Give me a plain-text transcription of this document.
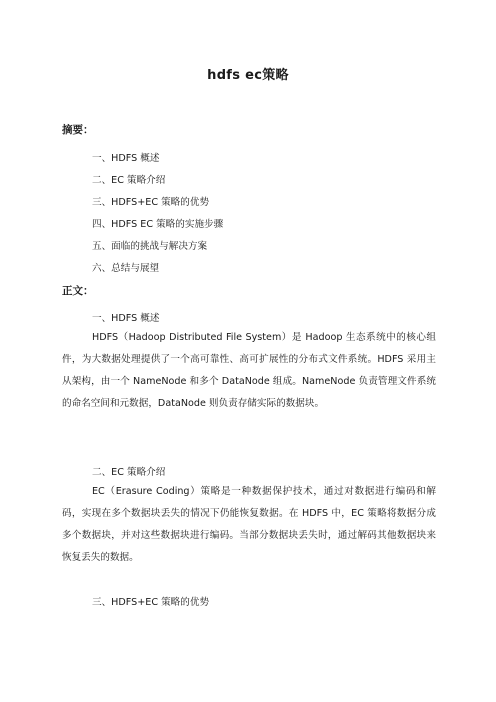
hdfs ec策略
摘要：
一、HDFS 概述
二、EC 策略介绍
三、HDFS+EC 策略的优势
四、HDFS EC 策略的实施步骤
五、面临的挑战与解决方案
六、总结与展望
正文：
一、HDFS 概述
HDFS（Hadoop Distributed File System）是 Hadoop 生态系统中的核心组件，为大数据处理提供了一个高可靠性、高可扩展性的分布式文件系统。HDFS 采用主从架构，由一个 NameNode 和多个 DataNode 组成。NameNode 负责管理文件系统的命名空间和元数据，DataNode 则负责存储实际的数据块。
二、EC 策略介绍
EC（Erasure Coding）策略是一种数据保护技术，通过对数据进行编码和解码，实现在多个数据块丢失的情况下仍能恢复数据。在 HDFS 中，EC 策略将数据分成多个数据块，并对这些数据块进行编码。当部分数据块丢失时，通过解码其他数据块来恢复丢失的数据。
三、HDFS+EC 策略的优势
